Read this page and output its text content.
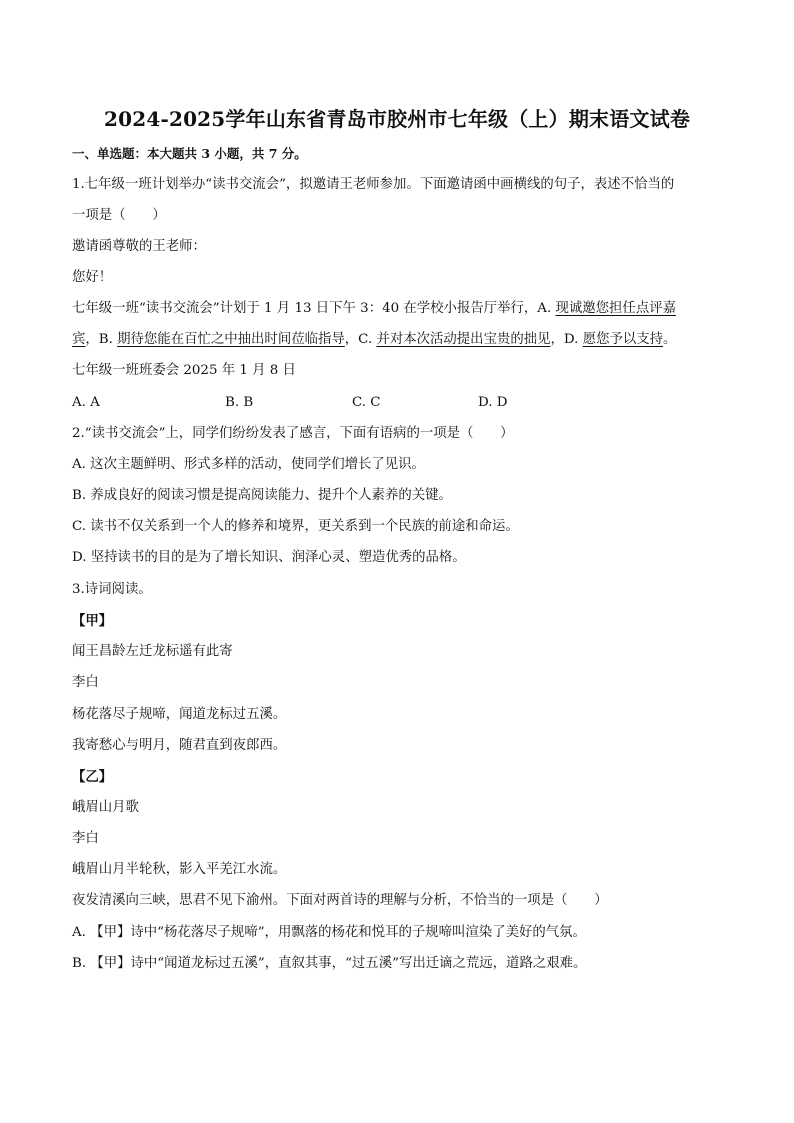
2024-2025学年山东省青岛市胶州市七年级（上）期末语文试卷
一、单选题：本大题共 3 小题，共 7 分。
1.七年级一班计划举办“读书交流会”，拟邀请王老师参加。下面邀请函中画横线的句子，表述不恰当的
一项是（　　）
邀请函尊敬的王老师：
您好！
七年级一班“读书交流会”计划于 1 月 13 日下午 3：40 在学校小报告厅举行，A. 现诚邀您担任点评嘉
宾，B. 期待您能在百忙之中抽出时间莅临指导，C. 并对本次活动提出宝贵的拙见，D. 愿您予以支持。
七年级一班班委会 2025 年 1 月 8 日
A. A	B. B	C. C	D. D
2.“读书交流会”上，同学们纷纷发表了感言，下面有语病的一项是（　　）
A. 这次主题鲜明、形式多样的活动，使同学们增长了见识。
B. 养成良好的阅读习惯是提高阅读能力、提升个人素养的关键。
C. 读书不仅关系到一个人的修养和境界，更关系到一个民族的前途和命运。
D. 坚持读书的目的是为了增长知识、润泽心灵、塑造优秀的品格。
3.诗词阅读。
【甲】
闻王昌龄左迁龙标遥有此寄
李白
杨花落尽子规啼，闻道龙标过五溪。
我寄愁心与明月，随君直到夜郎西。
【乙】
峨眉山月歌
李白
峨眉山月半轮秋，影入平羌江水流。
夜发清溪向三峡，思君不见下渝州。下面对两首诗的理解与分析，不恰当的一项是（　　）
A. 【甲】诗中“杨花落尽子规啼”，用飘落的杨花和悦耳的子规啼叫渲染了美好的气氛。
B. 【甲】诗中“闻道龙标过五溪”，直叙其事，“过五溪”写出迁谪之荒远，道路之艰难。
